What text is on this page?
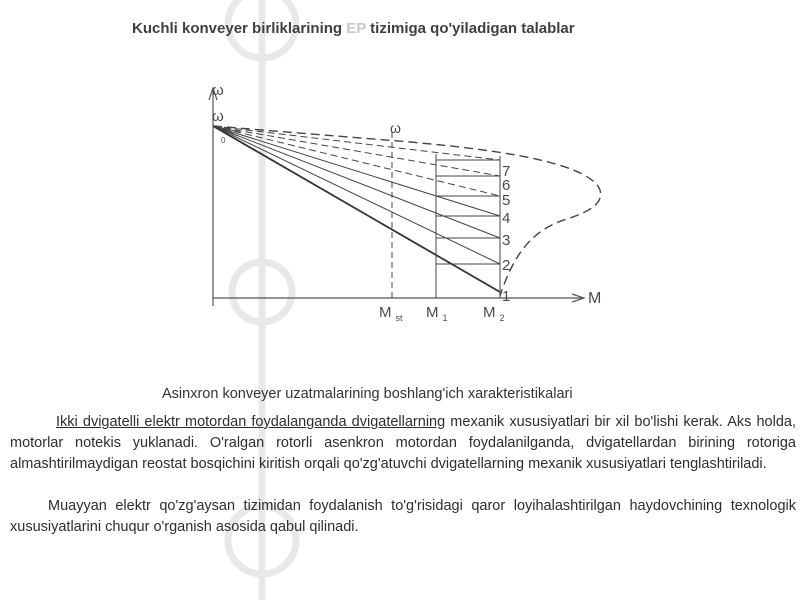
Kuchli konveyer birliklarining EP tizimiga qo'yiladigan talablar
ω
ω
0
ω
M
7
6
5
4
3
2
1
M $_{st}$ M $_1$ M $_2$
Asinxron konveyer uzatmalarining boshlang'ich xarakteristikalari
Ikki dvigatelli elektr motordan foydalanganda dvigatellarning mexanik xususiyatlari bir xil bo'lishi kerak. Aks holda, motorlar notekis yuklanadi. O'ralgan rotorli asenkron motordan foydalanilganda, dvigatellardan birining rotoriga almashtirilmaydigan reostat bosqichini kiritish orqali qo'zg'atuvchi dvigatellarning mexanik xususiyatlari tenglashtiriladi.
Muayyan elektr qo'zg'aysan tizimidan foydalanish to'g'risidagi qaror loyihalashtirilgan haydovchining texnologik xususiyatlarini chuqur o'rganish asosida qabul qilinadi.
